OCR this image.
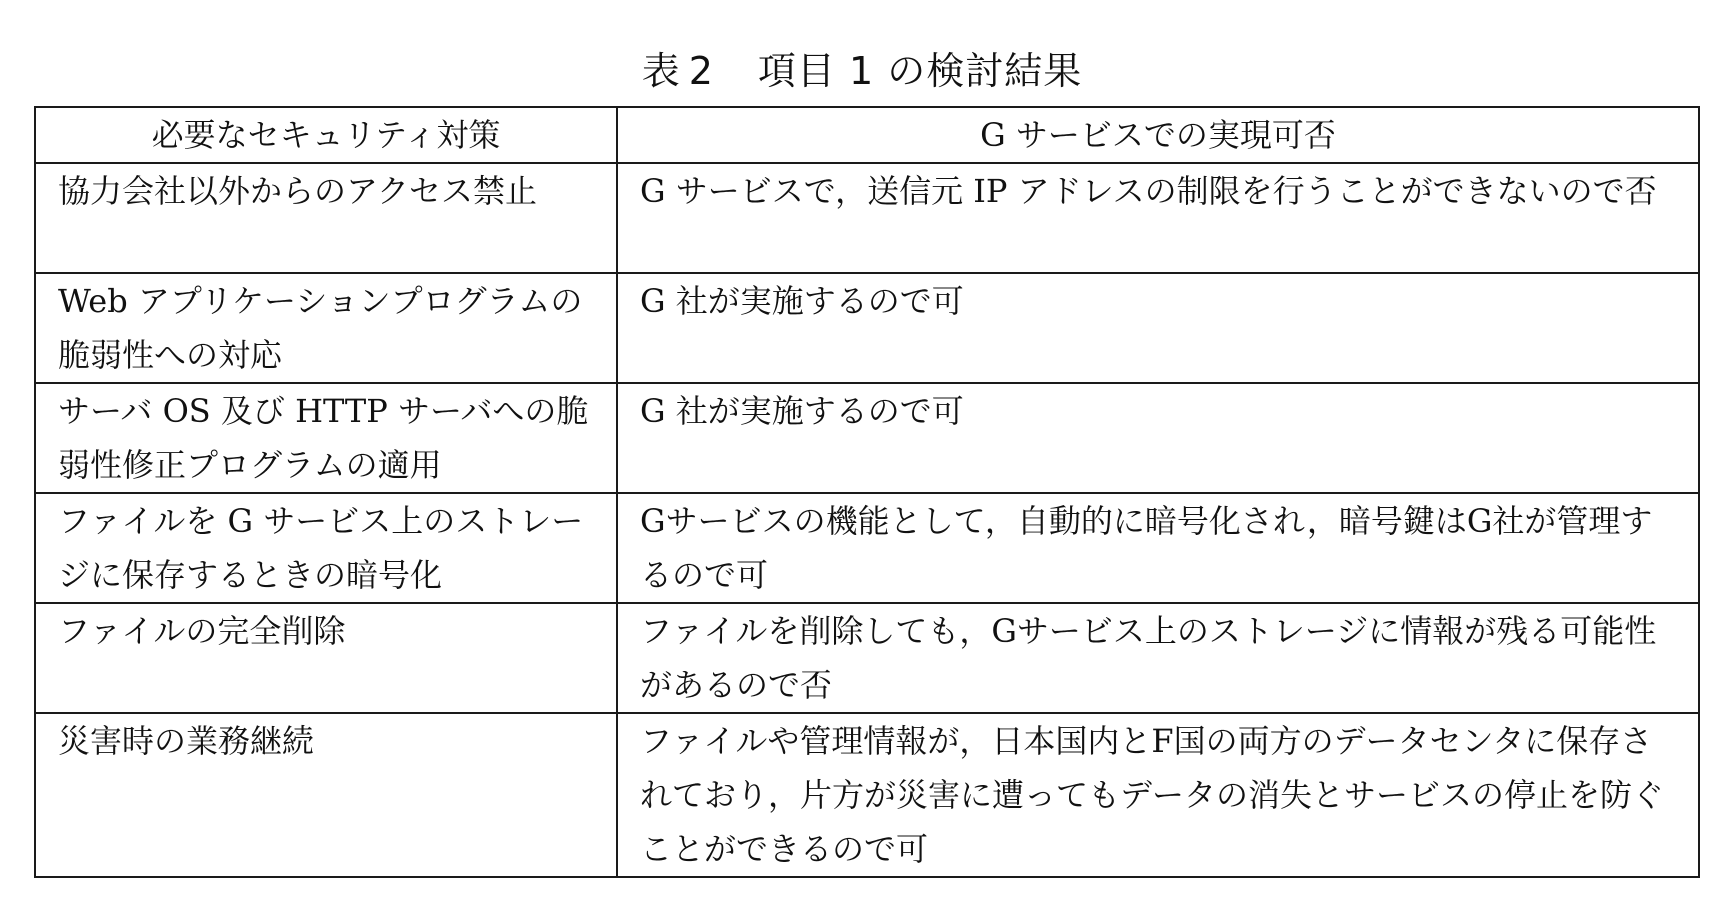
表 2 項目 1 の検討結果
必要なセキュリティ対策	G サービスでの実現可否
協力会社以外からのアクセス禁止	G サービスで，送信元 IP アドレスの制限を行うことができないので否
Web アプリケーションプログラムの脆弱性への対応	G 社が実施するので可
サーバ OS 及び HTTP サーバへの脆弱性修正プログラムの適用	G 社が実施するので可
ファイルを G サービス上のストレージに保存するときの暗号化	Gサービスの機能として，自動的に暗号化され，暗号鍵はG社が管理するので可
ファイルの完全削除	ファイルを削除しても，Gサービス上のストレージに情報が残る可能性があるので否
災害時の業務継続	ファイルや管理情報が，日本国内とF国の両方のデータセンタに保存されており，片方が災害に遭ってもデータの消失とサービスの停止を防ぐことができるので可
